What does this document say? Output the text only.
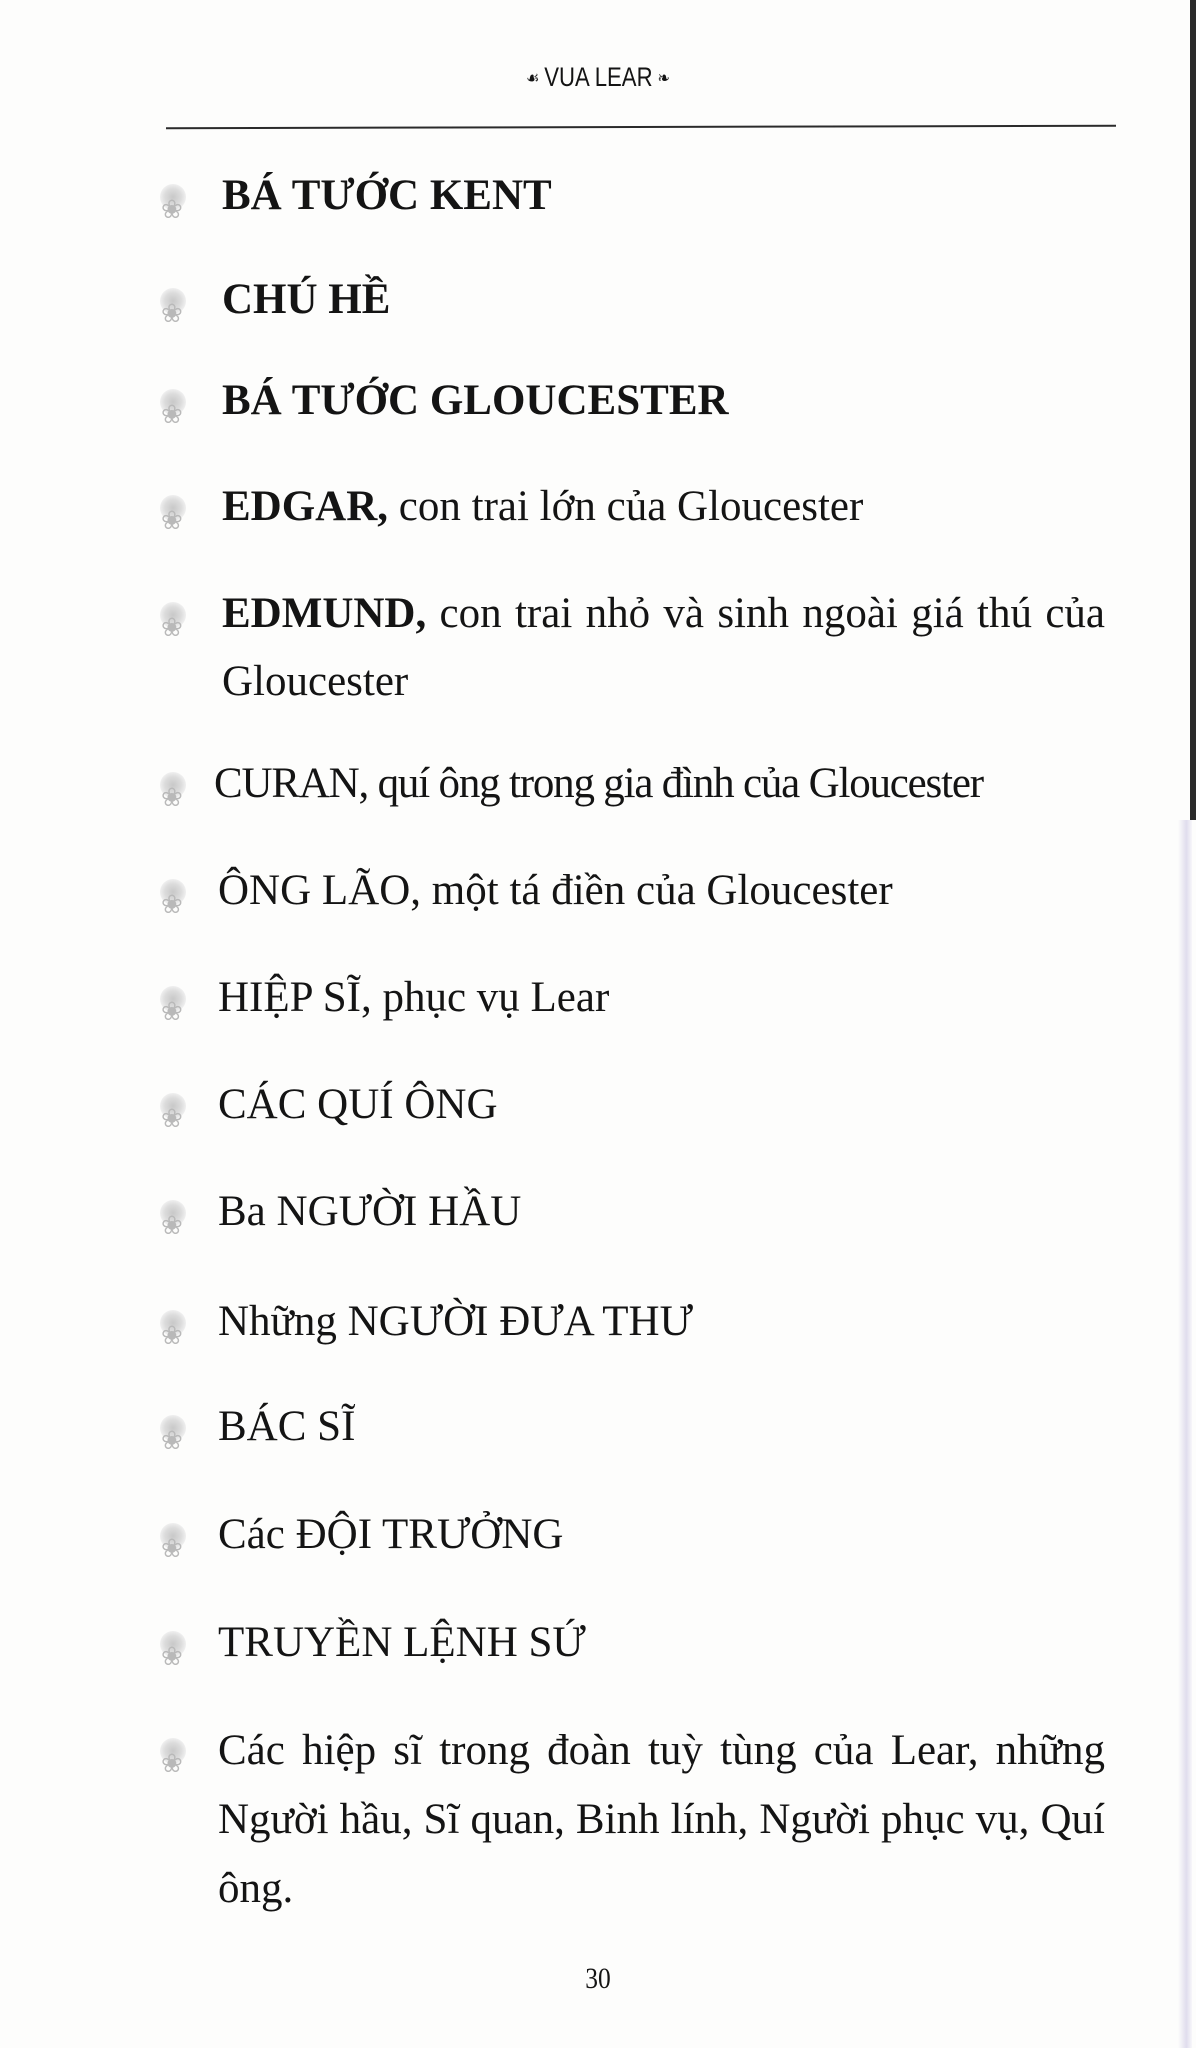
☙ VUA LEAR ❧
❀
BÁ TƯỚC KENT
❀
CHÚ HỀ
❀
BÁ TƯỚC GLOUCESTER
❀
EDGAR, con trai lớn của Gloucester
❀
EDMUND, con trai nhỏ và sinh ngoài giá thú của Gloucester
❀
CURAN, quí ông trong gia đình của Gloucester
❀
ÔNG LÃO, một tá điền của Gloucester
❀
HIỆP SĨ, phục vụ Lear
❀
CÁC QUÍ ÔNG
❀
Ba NGƯỜI HẦU
❀
Những NGƯỜI ĐƯA THƯ
❀
BÁC SĨ
❀
Các ĐỘI TRƯỞNG
❀
TRUYỀN LỆNH SỨ
❀
Các hiệp sĩ trong đoàn tuỳ tùng của Lear, những Người hầu, Sĩ quan, Binh lính, Người phục vụ, Quí ông.
30
